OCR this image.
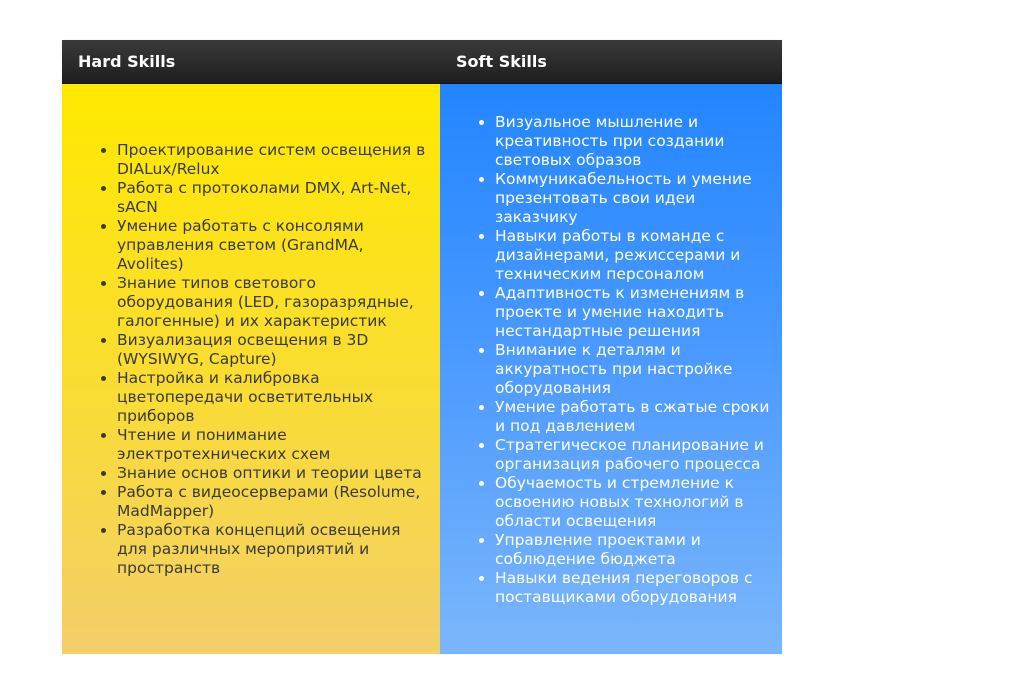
Hard Skills	Soft Skills
• Проектирование систем освещения в DIALux/Relux
• Работа с протоколами DMX, Art-Net, sACN
• Умение работать с консолями управления светом (GrandMA, Avolites)
• Знание типов светового оборудования (LED, газоразрядные, галогенные) и их характеристик
• Визуализация освещения в 3D (WYSIWYG, Capture)
• Настройка и калибровка цветопередачи осветительных приборов
• Чтение и понимание электротехнических схем
• Знание основ оптики и теории цвета
• Работа с видеосерверами (Resolume, MadMapper)
• Разработка концепций освещения для различных мероприятий и пространств
• Визуальное мышление и креативность при создании световых образов
• Коммуникабельность и умение презентовать свои идеи заказчику
• Навыки работы в команде с дизайнерами, режиссерами и техническим персоналом
• Адаптивность к изменениям в проекте и умение находить нестандартные решения
• Внимание к деталям и аккуратность при настройке оборудования
• Умение работать в сжатые сроки и под давлением
• Стратегическое планирование и организация рабочего процесса
• Обучаемость и стремление к освоению новых технологий в области освещения
• Управление проектами и соблюдение бюджета
• Навыки ведения переговоров с поставщиками оборудования
